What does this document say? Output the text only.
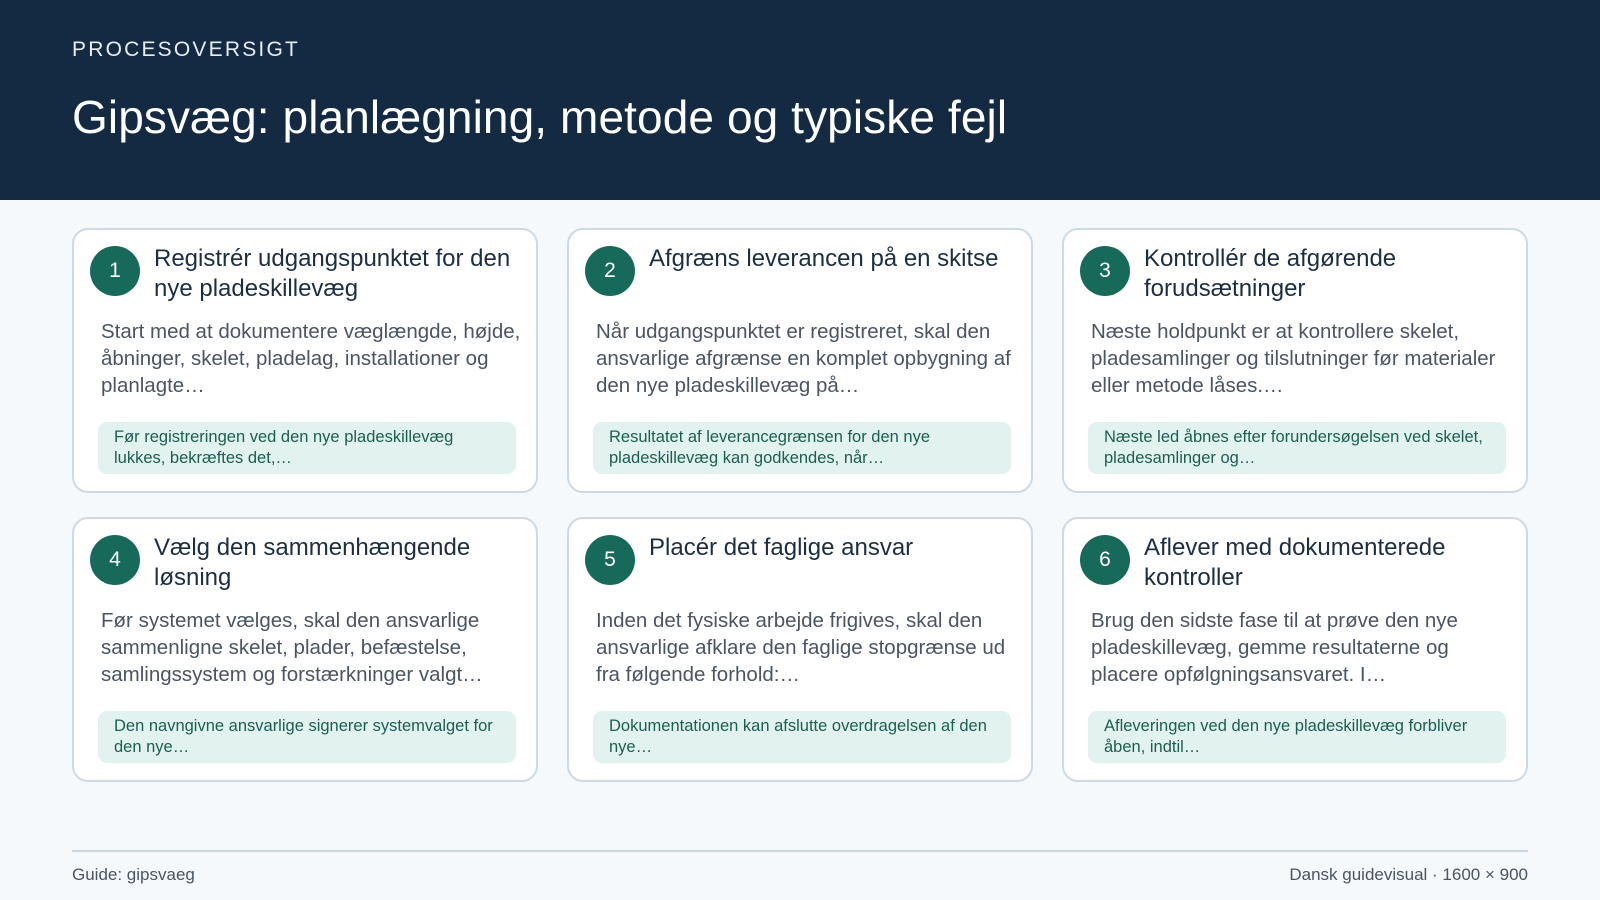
PROCESOVERSIGT
Gipsvæg: planlægning, metode og typiske fejl
1	Registrér udgangspunktet for den nye pladeskillevæg
Start med at dokumentere væglængde, højde, åbninger, skelet, pladelag, installationer og planlagte…
Før registreringen ved den nye pladeskillevæg lukkes, bekræftes det,…
2	Afgræns leverancen på en skitse
Når udgangspunktet er registreret, skal den ansvarlige afgrænse en komplet opbygning af den nye pladeskillevæg på…
Resultatet af leverancegrænsen for den nye pladeskillevæg kan godkendes, når…
3	Kontrollér de afgørende forudsætninger
Næste holdpunkt er at kontrollere skelet, pladesamlinger og tilslutninger før materialer eller metode låses.…
Næste led åbnes efter forundersøgelsen ved skelet, pladesamlinger og…
4	Vælg den sammenhængende løsning
Før systemet vælges, skal den ansvarlige sammenligne skelet, plader, befæstelse, samlingssystem og forstærkninger valgt…
Den navngivne ansvarlige signerer systemvalget for den nye…
5	Placér det faglige ansvar
Inden det fysiske arbejde frigives, skal den ansvarlige afklare den faglige stopgrænse ud fra følgende forhold:…
Dokumentationen kan afslutte overdragelsen af den nye…
6	Aflever med dokumenterede kontroller
Brug den sidste fase til at prøve den nye pladeskillevæg, gemme resultaterne og placere opfølgningsansvaret. I…
Afleveringen ved den nye pladeskillevæg forbliver åben, indtil…
Guide: gipsvaeg	Dansk guidevisual · 1600 × 900
